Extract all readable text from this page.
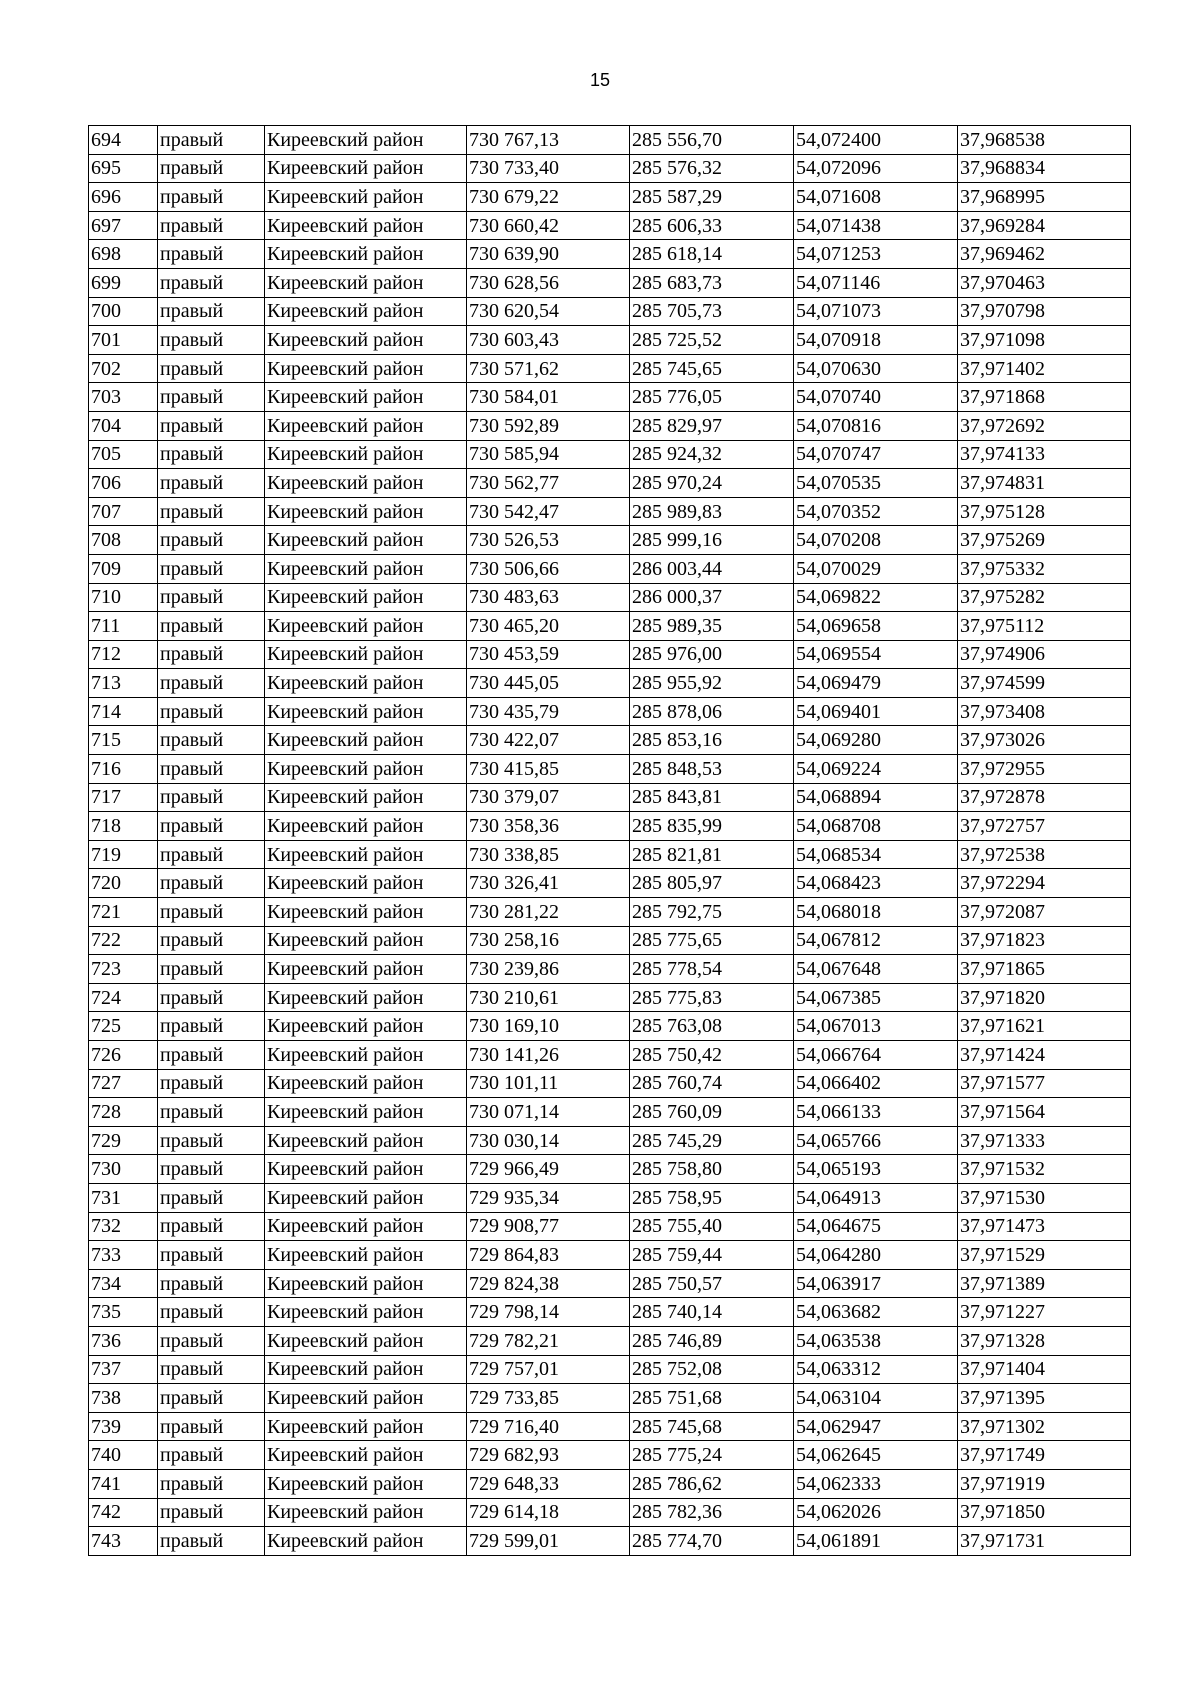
15
694	правый	Киреевский район	730 767,13	285 556,70	54,072400	37,968538
695	правый	Киреевский район	730 733,40	285 576,32	54,072096	37,968834
696	правый	Киреевский район	730 679,22	285 587,29	54,071608	37,968995
697	правый	Киреевский район	730 660,42	285 606,33	54,071438	37,969284
698	правый	Киреевский район	730 639,90	285 618,14	54,071253	37,969462
699	правый	Киреевский район	730 628,56	285 683,73	54,071146	37,970463
700	правый	Киреевский район	730 620,54	285 705,73	54,071073	37,970798
701	правый	Киреевский район	730 603,43	285 725,52	54,070918	37,971098
702	правый	Киреевский район	730 571,62	285 745,65	54,070630	37,971402
703	правый	Киреевский район	730 584,01	285 776,05	54,070740	37,971868
704	правый	Киреевский район	730 592,89	285 829,97	54,070816	37,972692
705	правый	Киреевский район	730 585,94	285 924,32	54,070747	37,974133
706	правый	Киреевский район	730 562,77	285 970,24	54,070535	37,974831
707	правый	Киреевский район	730 542,47	285 989,83	54,070352	37,975128
708	правый	Киреевский район	730 526,53	285 999,16	54,070208	37,975269
709	правый	Киреевский район	730 506,66	286 003,44	54,070029	37,975332
710	правый	Киреевский район	730 483,63	286 000,37	54,069822	37,975282
711	правый	Киреевский район	730 465,20	285 989,35	54,069658	37,975112
712	правый	Киреевский район	730 453,59	285 976,00	54,069554	37,974906
713	правый	Киреевский район	730 445,05	285 955,92	54,069479	37,974599
714	правый	Киреевский район	730 435,79	285 878,06	54,069401	37,973408
715	правый	Киреевский район	730 422,07	285 853,16	54,069280	37,973026
716	правый	Киреевский район	730 415,85	285 848,53	54,069224	37,972955
717	правый	Киреевский район	730 379,07	285 843,81	54,068894	37,972878
718	правый	Киреевский район	730 358,36	285 835,99	54,068708	37,972757
719	правый	Киреевский район	730 338,85	285 821,81	54,068534	37,972538
720	правый	Киреевский район	730 326,41	285 805,97	54,068423	37,972294
721	правый	Киреевский район	730 281,22	285 792,75	54,068018	37,972087
722	правый	Киреевский район	730 258,16	285 775,65	54,067812	37,971823
723	правый	Киреевский район	730 239,86	285 778,54	54,067648	37,971865
724	правый	Киреевский район	730 210,61	285 775,83	54,067385	37,971820
725	правый	Киреевский район	730 169,10	285 763,08	54,067013	37,971621
726	правый	Киреевский район	730 141,26	285 750,42	54,066764	37,971424
727	правый	Киреевский район	730 101,11	285 760,74	54,066402	37,971577
728	правый	Киреевский район	730 071,14	285 760,09	54,066133	37,971564
729	правый	Киреевский район	730 030,14	285 745,29	54,065766	37,971333
730	правый	Киреевский район	729 966,49	285 758,80	54,065193	37,971532
731	правый	Киреевский район	729 935,34	285 758,95	54,064913	37,971530
732	правый	Киреевский район	729 908,77	285 755,40	54,064675	37,971473
733	правый	Киреевский район	729 864,83	285 759,44	54,064280	37,971529
734	правый	Киреевский район	729 824,38	285 750,57	54,063917	37,971389
735	правый	Киреевский район	729 798,14	285 740,14	54,063682	37,971227
736	правый	Киреевский район	729 782,21	285 746,89	54,063538	37,971328
737	правый	Киреевский район	729 757,01	285 752,08	54,063312	37,971404
738	правый	Киреевский район	729 733,85	285 751,68	54,063104	37,971395
739	правый	Киреевский район	729 716,40	285 745,68	54,062947	37,971302
740	правый	Киреевский район	729 682,93	285 775,24	54,062645	37,971749
741	правый	Киреевский район	729 648,33	285 786,62	54,062333	37,971919
742	правый	Киреевский район	729 614,18	285 782,36	54,062026	37,971850
743	правый	Киреевский район	729 599,01	285 774,70	54,061891	37,971731
